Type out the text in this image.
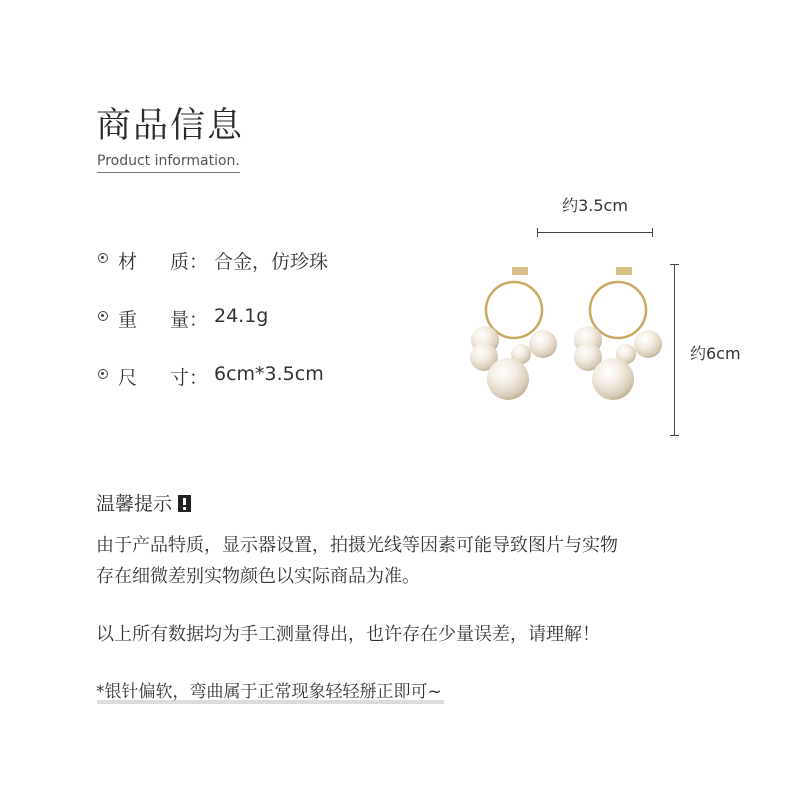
商品信息
Product information.
材 质： 合金，仿珍珠
重 量： 24.1g
尺 寸： 6cm*3.5cm
约3.5cm
约6cm
温馨提示
由于产品特质，显示器设置，拍摄光线等因素可能导致图片与实物
存在细微差别实物颜色以实际商品为准。
以上所有数据均为手工测量得出，也许存在少量误差，请理解！
*银针偏软，弯曲属于正常现象轻轻掰正即可~
